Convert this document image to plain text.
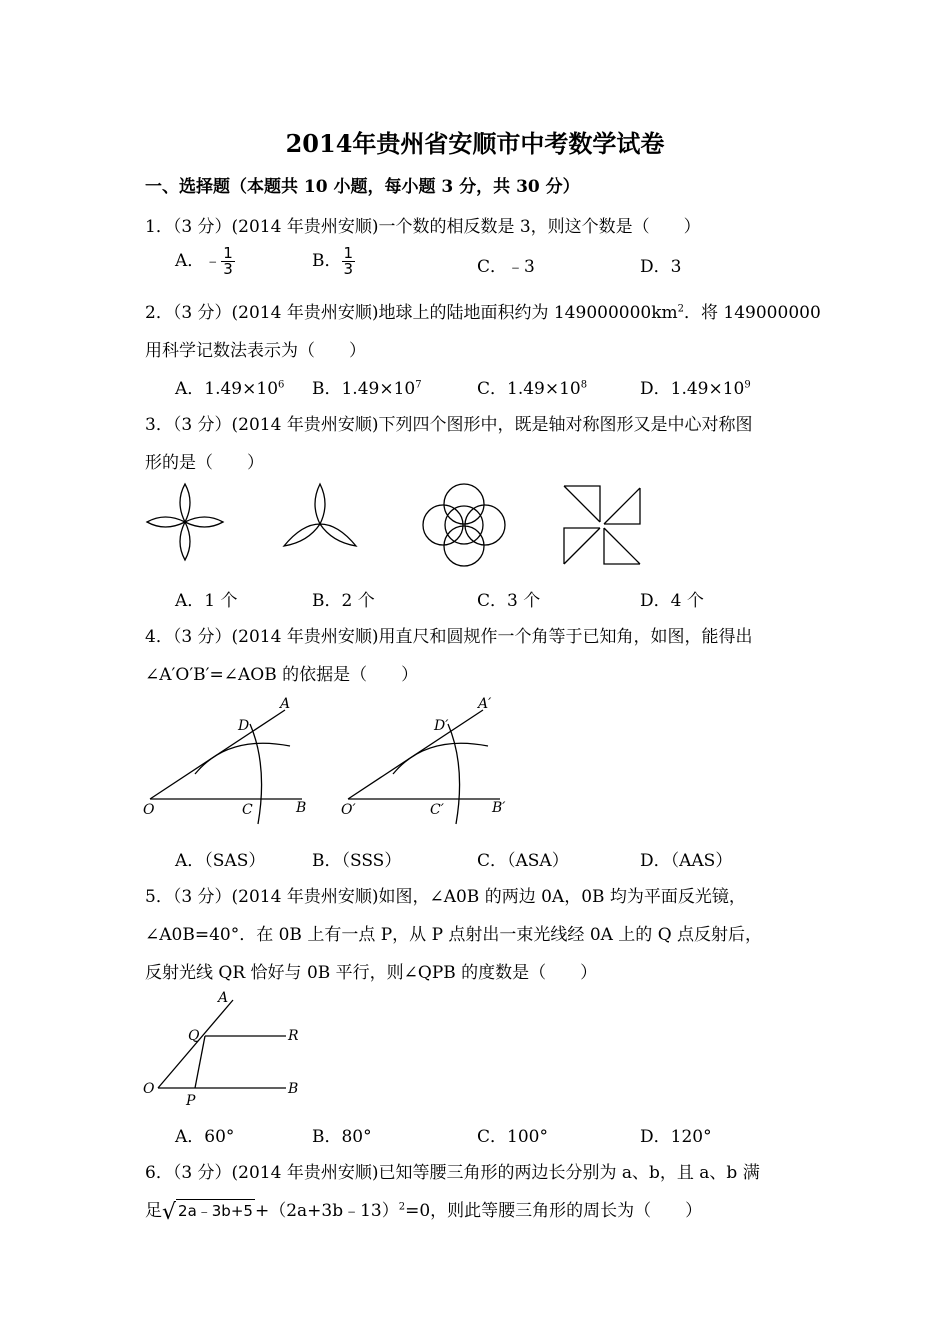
2014年贵州省安顺市中考数学试卷
一、选择题（本题共 10 小题，每小题 3 分，共 30 分）
1．（3 分）(2014 年贵州安顺)一个数的相反数是 3，则这个数是（　　）
A．﹣ $\frac{1}{3}$	B． $\frac{1}{3}$	C．﹣3	D．3
2．（3 分）(2014 年贵州安顺)地球上的陆地面积约为 $149000000km^2$．将 149000000
用科学记数法表示为（　　）
A．$1.49\times 10^6$ B．$1.49\times 10^7$	C．$1.49\times 10^8$	D．$1.49\times 10^9$
3．（3 分）(2014 年贵州安顺)下列四个图形中，既是轴对称图形又是中心对称图
形的是（　　）
A．1 个	B．2 个	C．3 个	D．4 个
4．（3 分）(2014 年贵州安顺)用直尺和圆规作一个角等于已知角，如图，能得出
∠A′O′B′=∠AOB 的依据是（　　）
A
D
O	C	B
A′
D′
O′	C′	B′
A．（SAS）	B．（SSS）	C．（ASA）	D．（AAS）
5．（3 分）(2014 年贵州安顺)如图，∠A0B 的两边 0A，0B 均为平面反光镜，
∠A0B=40°．在 0B 上有一点 P，从 P 点射出一束光线经 0A 上的 Q 点反射后，
反射光线 QR 恰好与 0B 平行，则∠QPB 的度数是（　　）
A
Q	R
O
P
B
A．60°	B．80°	C．100°	D．120°
6．（3 分）(2014 年贵州安顺)已知等腰三角形的两边长分别为 a、b，且 a、b 满
足√ 2a﹣3b+5 +（2a+3b﹣13）$^2$=0，则此等腰三角形的周长为（　　）
